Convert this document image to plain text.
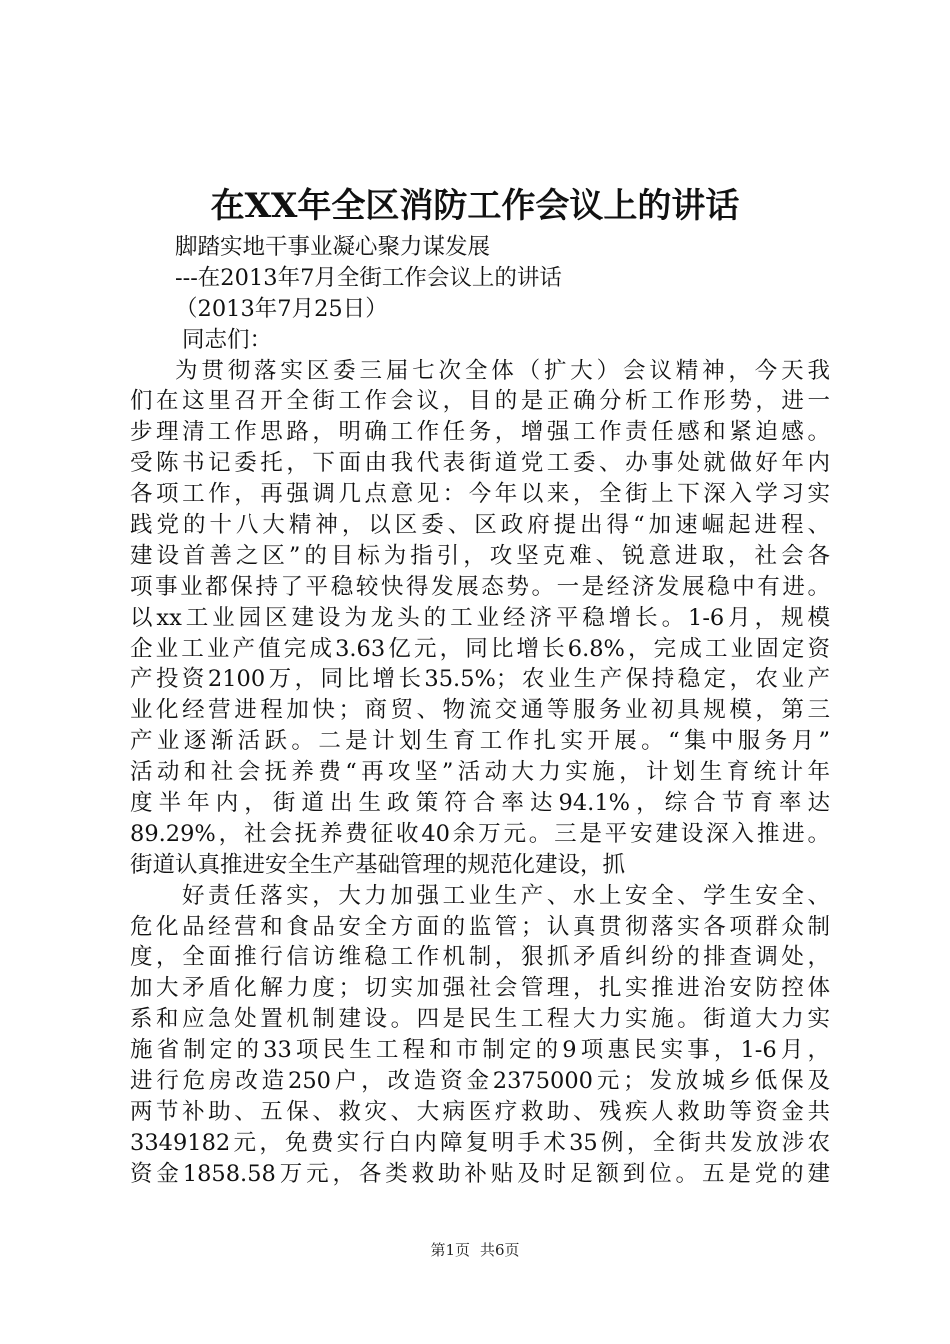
在XX年全区消防工作会议上的讲话
脚踏实地干事业凝心聚力谋发展
---在2013年7月全街工作会议上的讲话
（2013年7月25日）
同志们：
为贯彻落实区委三届七次全体（扩大）会议精神，今天我
们在这里召开全街工作会议，目的是正确分析工作形势，进一
步理清工作思路，明确工作任务，增强工作责任感和紧迫感。
受陈书记委托，下面由我代表街道党工委、办事处就做好年内
各项工作，再强调几点意见：今年以来，全街上下深入学习实
践党的十八大精神，以区委、区政府提出得“加速崛起进程、
建设首善之区”的目标为指引，攻坚克难、锐意进取，社会各
项事业都保持了平稳较快得发展态势。一是经济发展稳中有进。
以xx工业园区建设为龙头的工业经济平稳增长。1-6月，规模
企业工业产值完成3.63亿元，同比增长6.8%，完成工业固定资
产投资2100万，同比增长35.5%；农业生产保持稳定，农业产
业化经营进程加快；商贸、物流交通等服务业初具规模，第三
产业逐渐活跃。二是计划生育工作扎实开展。“集中服务月”
活动和社会抚养费“再攻坚”活动大力实施，计划生育统计年
度半年内，街道出生政策符合率达94.1%，综合节育率达
89.29%，社会抚养费征收40余万元。三是平安建设深入推进。
街道认真推进安全生产基础管理的规范化建设，抓
好责任落实，大力加强工业生产、水上安全、学生安全、
危化品经营和食品安全方面的监管；认真贯彻落实各项群众制
度，全面推行信访维稳工作机制，狠抓矛盾纠纷的排查调处，
加大矛盾化解力度；切实加强社会管理，扎实推进治安防控体
系和应急处置机制建设。四是民生工程大力实施。街道大力实
施省制定的33项民生工程和市制定的9项惠民实事，1-6月，
进行危房改造250户，改造资金2375000元；发放城乡低保及
两节补助、五保、救灾、大病医疗救助、残疾人救助等资金共
3349182元，免费实行白内障复明手术35例，全街共发放涉农
资金1858.58万元，各类救助补贴及时足额到位。五是党的建
第1页 共6页
